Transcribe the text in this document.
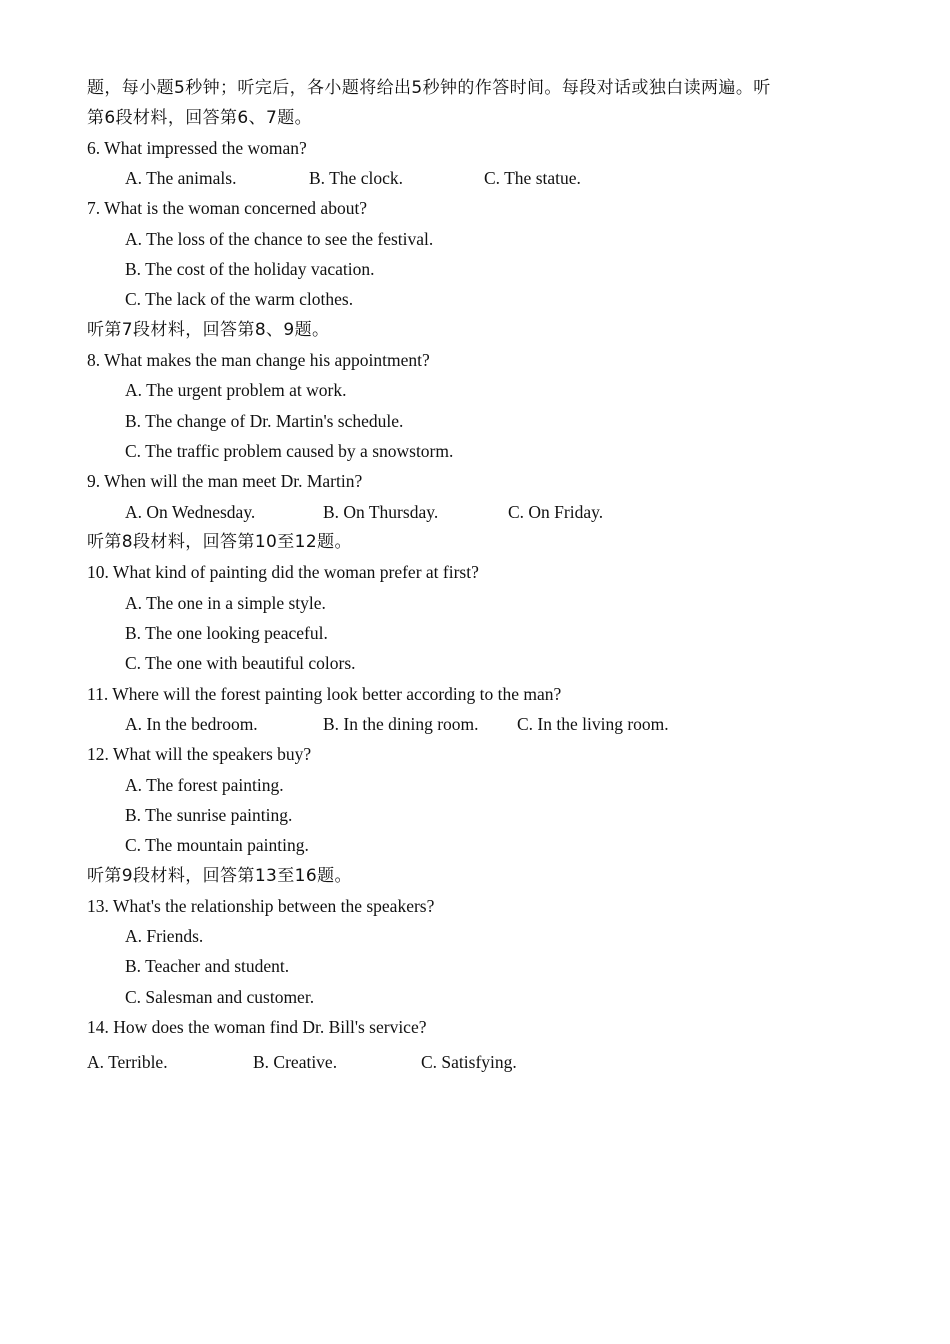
题，每小题5秒钟；听完后，各小题将给出5秒钟的作答时间。每段对话或独白读两遍。听
第6段材料，回答第6、7题。
6. What impressed the woman?
A. The animals.	B. The clock.	C. The statue.
7. What is the woman concerned about?
A. The loss of the chance to see the festival.
B. The cost of the holiday vacation.
C. The lack of the warm clothes.
听第7段材料，回答第8、9题。
8. What makes the man change his appointment?
A. The urgent problem at work.
B. The change of Dr. Martin's schedule.
C. The traffic problem caused by a snowstorm.
9. When will the man meet Dr. Martin?
A. On Wednesday.	B. On Thursday.	C. On Friday.
听第8段材料，回答第10至12题。
10. What kind of painting did the woman prefer at first?
A. The one in a simple style.
B. The one looking peaceful.
C. The one with beautiful colors.
11. Where will the forest painting look better according to the man?
A. In the bedroom.	B. In the dining room. C. In the living room.
12. What will the speakers buy?
A. The forest painting.
B. The sunrise painting.
C. The mountain painting.
听第9段材料，回答第13至16题。
13. What's the relationship between the speakers?
A. Friends.
B. Teacher and student.
C. Salesman and customer.
14. How does the woman find Dr. Bill's service?
A. Terrible.	B. Creative.	C. Satisfying.
